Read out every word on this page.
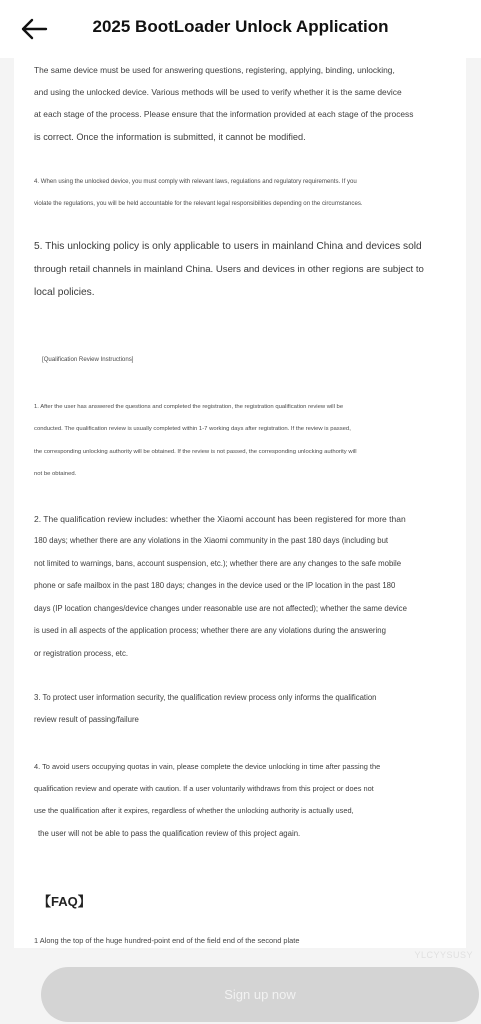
2025 BootLoader Unlock Application

The same device must be used for answering questions, registering, applying, binding, unlocking,

and using the unlocked device. Various methods will be used to verify whether it is the same device

at each stage of the process. Please ensure that the information provided at each stage of the process

is correct. Once the information is submitted, it cannot be modified.

4. When using the unlocked device, you must comply with relevant laws, regulations and regulatory requirements. If you

violate the regulations, you will be held accountable for the relevant legal responsibilities depending on the circumstances.

5. This unlocking policy is only applicable to users in mainland China and devices sold

through retail channels in mainland China. Users and devices in other regions are subject to

local policies.

[Qualification Review Instructions]

1. After the user has answered the questions and completed the registration, the registration qualification review will be

conducted. The qualification review is usually completed within 1-7 working days after registration. If the review is passed,

the corresponding unlocking authority will be obtained. If the review is not passed, the corresponding unlocking authority will

not be obtained.

2. The qualification review includes: whether the Xiaomi account has been registered for more than

180 days; whether there are any violations in the Xiaomi community in the past 180 days (including but

not limited to warnings, bans, account suspension, etc.); whether there are any changes to the safe mobile

phone or safe mailbox in the past 180 days; changes in the device used or the IP location in the past 180

days (IP location changes/device changes under reasonable use are not affected); whether the same device

is used in all aspects of the application process; whether there are any violations during the answering

or registration process, etc.

3. To protect user information security, the qualification review process only informs the qualification

review result of passing/failure

4. To avoid users occupying quotas in vain, please complete the device unlocking in time after passing the

qualification review and operate with caution. If a user voluntarily withdraws from this project or does not

use the qualification after it expires, regardless of whether the unlocking authority is actually used,

the user will not be able to pass the qualification review of this project again.

【FAQ】

1 Along the top of the huge hundred-point end of the field end of the second plate

YLCYYSUSY
Sign up now
